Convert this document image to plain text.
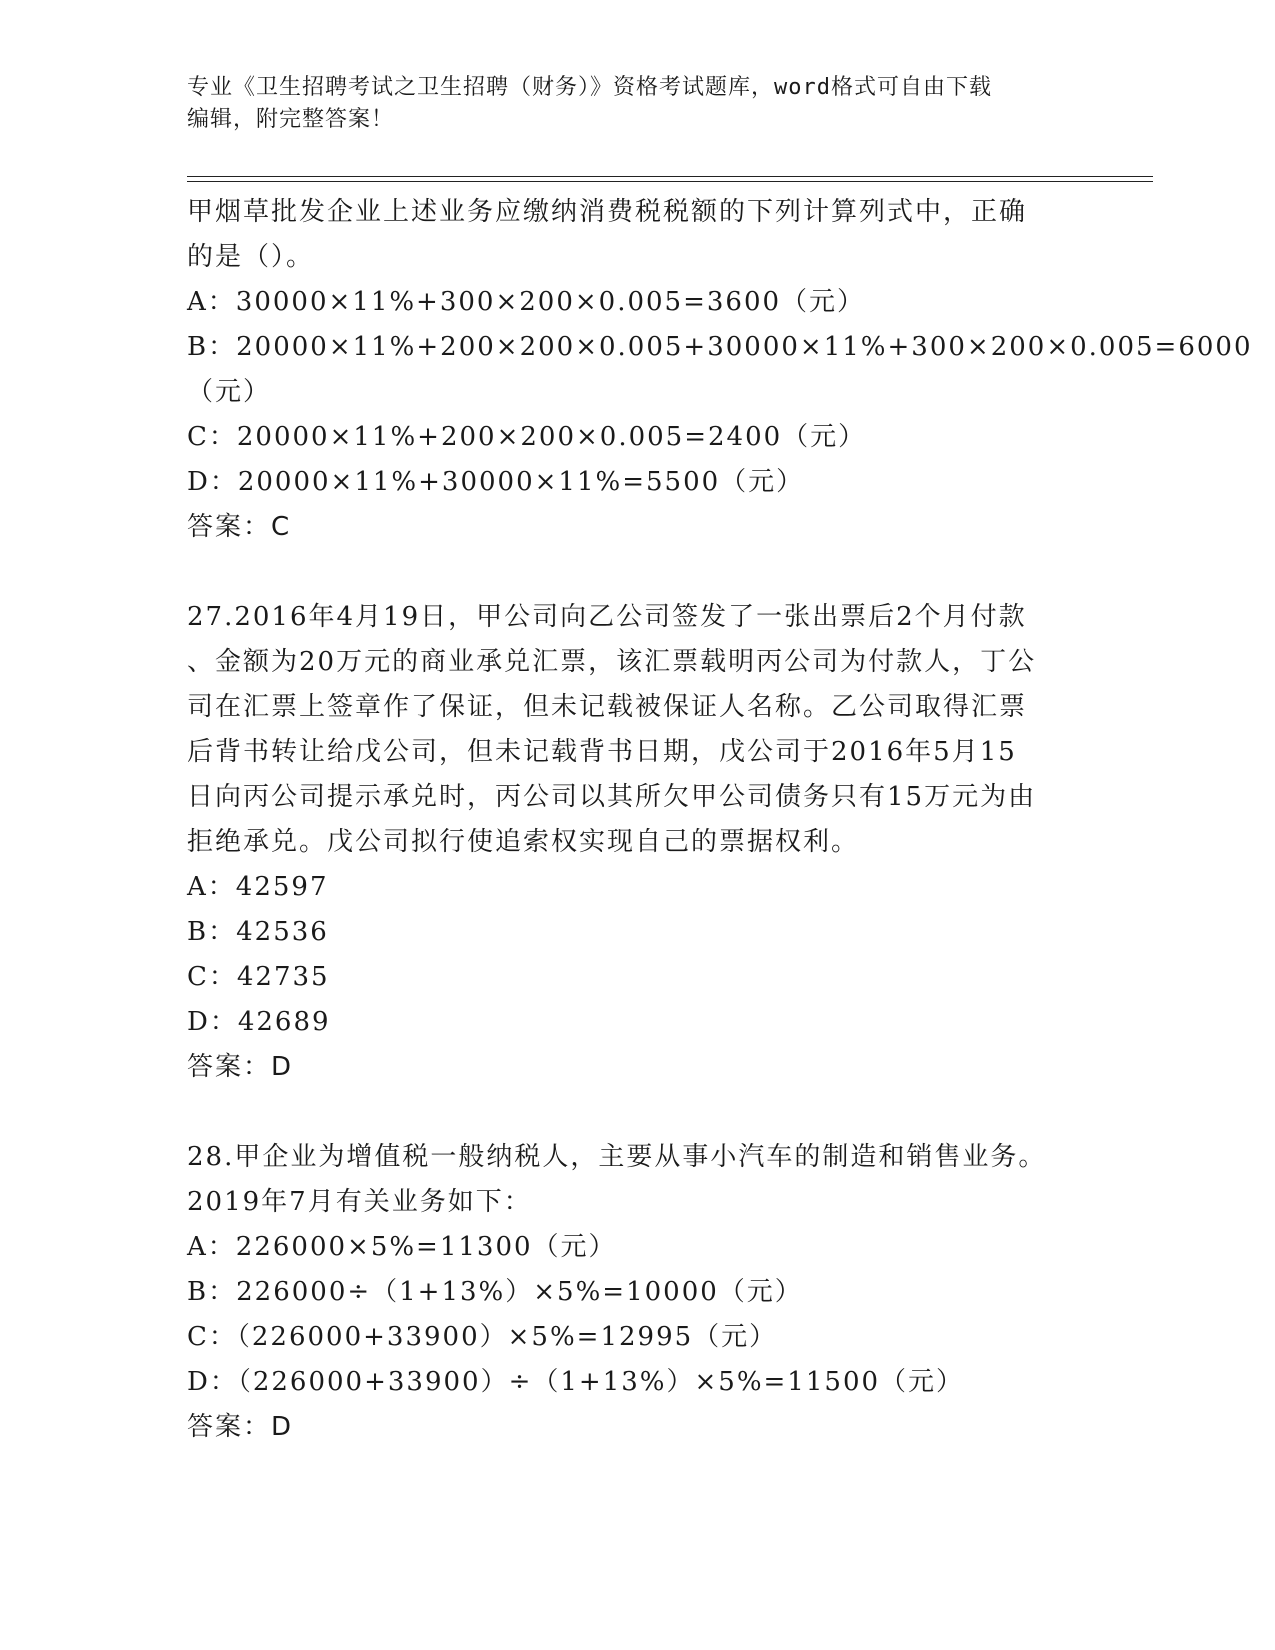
专业《卫生招聘考试之卫生招聘（财务）》资格考试题库，word格式可自由下载
编辑，附完整答案！
甲烟草批发企业上述业务应缴纳消费税税额的下列计算列式中，正确
的是（）。
A：30000×11%+300×200×0.005=3600（元）
B：20000×11%+200×200×0.005+30000×11%+300×200×0.005=6000
（元）
C：20000×11%+200×200×0.005=2400（元）
D：20000×11%+30000×11%=5500（元）
答案：C
27.2016年4月19日，甲公司向乙公司签发了一张出票后2个月付款
、金额为20万元的商业承兑汇票，该汇票载明丙公司为付款人，丁公
司在汇票上签章作了保证，但未记载被保证人名称。乙公司取得汇票
后背书转让给戊公司，但未记载背书日期，戊公司于2016年5月15
日向丙公司提示承兑时，丙公司以其所欠甲公司债务只有15万元为由
拒绝承兑。戊公司拟行使追索权实现自己的票据权利。
A：42597
B：42536
C：42735
D：42689
答案：D
28.甲企业为增值税一般纳税人，主要从事小汽车的制造和销售业务。
2019年7月有关业务如下：
A：226000×5%=11300（元）
B：226000÷（1+13%）×5%=10000（元）
C：（226000+33900）×5%=12995（元）
D：（226000+33900）÷（1+13%）×5%=11500（元）
答案：D
